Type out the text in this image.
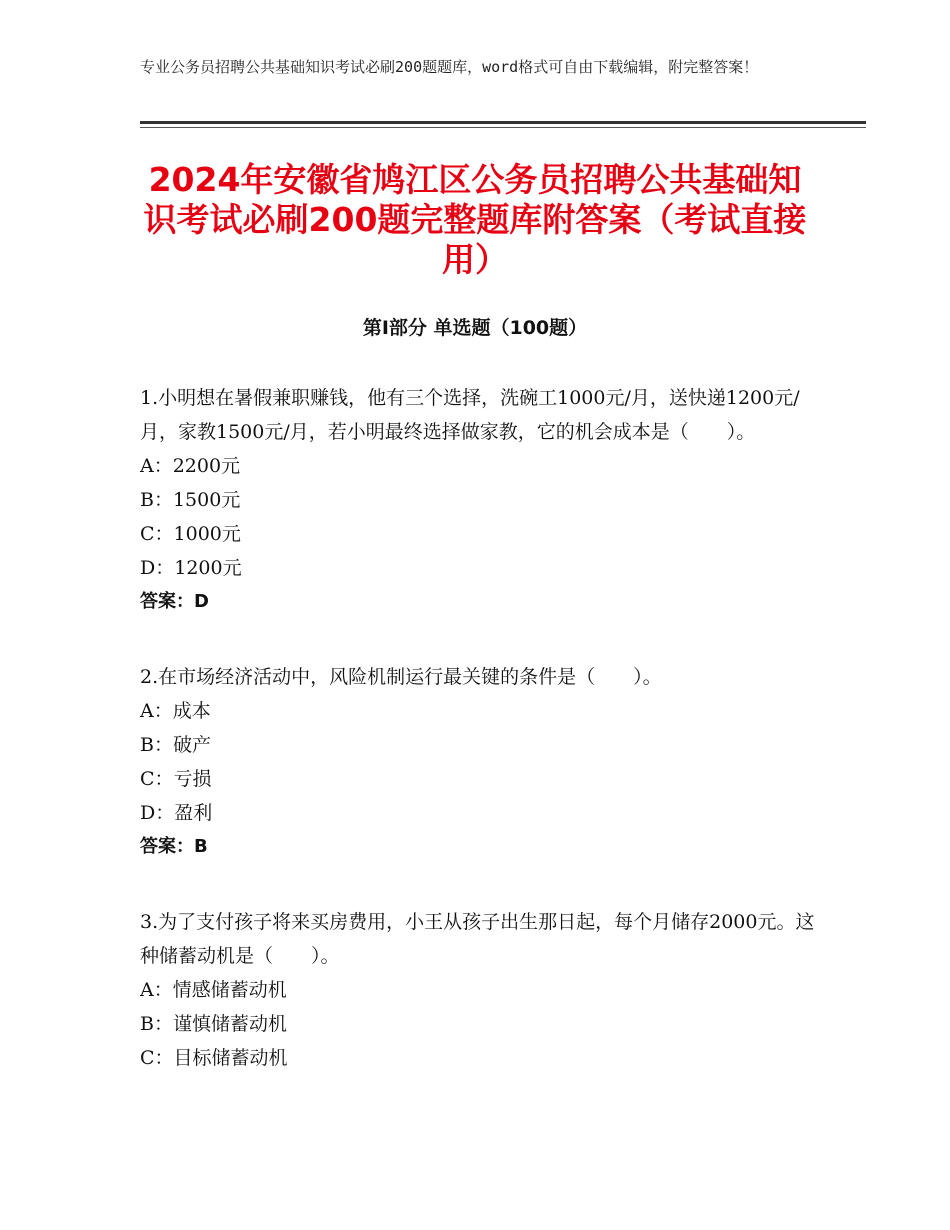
专业公务员招聘公共基础知识考试必刷200题题库，word格式可自由下载编辑，附完整答案！
2024年安徽省鸠江区公务员招聘公共基础知识考试必刷200题完整题库附答案（考试直接用）
第Ⅰ部分 单选题（100题）
1.小明想在暑假兼职赚钱，他有三个选择，洗碗工1000元/月，送快递1200元/月，家教1500元/月，若小明最终选择做家教，它的机会成本是（　　）。
A：2200元
B：1500元
C：1000元
D：1200元
答案：D
2.在市场经济活动中，风险机制运行最关键的条件是（　　）。
A：成本
B：破产
C：亏损
D：盈利
答案：B
3.为了支付孩子将来买房费用，小王从孩子出生那日起，每个月储存2000元。这种储蓄动机是（　　）。
A：情感储蓄动机
B：谨慎储蓄动机
C：目标储蓄动机
